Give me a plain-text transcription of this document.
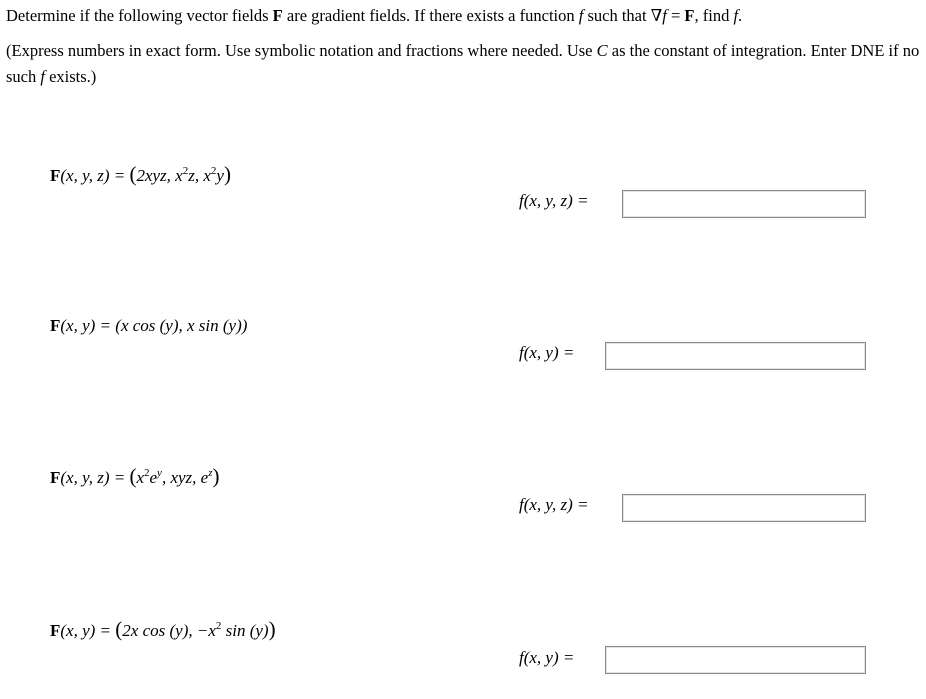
Determine if the following vector fields F are gradient fields. If there exists a function f such that ∇f = F, find f.

(Express numbers in exact form. Use symbolic notation and fractions where needed. Use C as the constant of integration. Enter DNE if no such f exists.)

F(x, y, z) = (2xyz, $x^2z$, $x^2y$)
f(x, y, z) =
F(x, y) = (x cos (y), x sin (y))
f(x, y) =
F(x, y, $z) = (x^2e^y$, xyz, $e^z$)
f(x, y, z) =
F(x, y) = (2x cos (y), $-x^2$ sin (y))
f(x, y) =
